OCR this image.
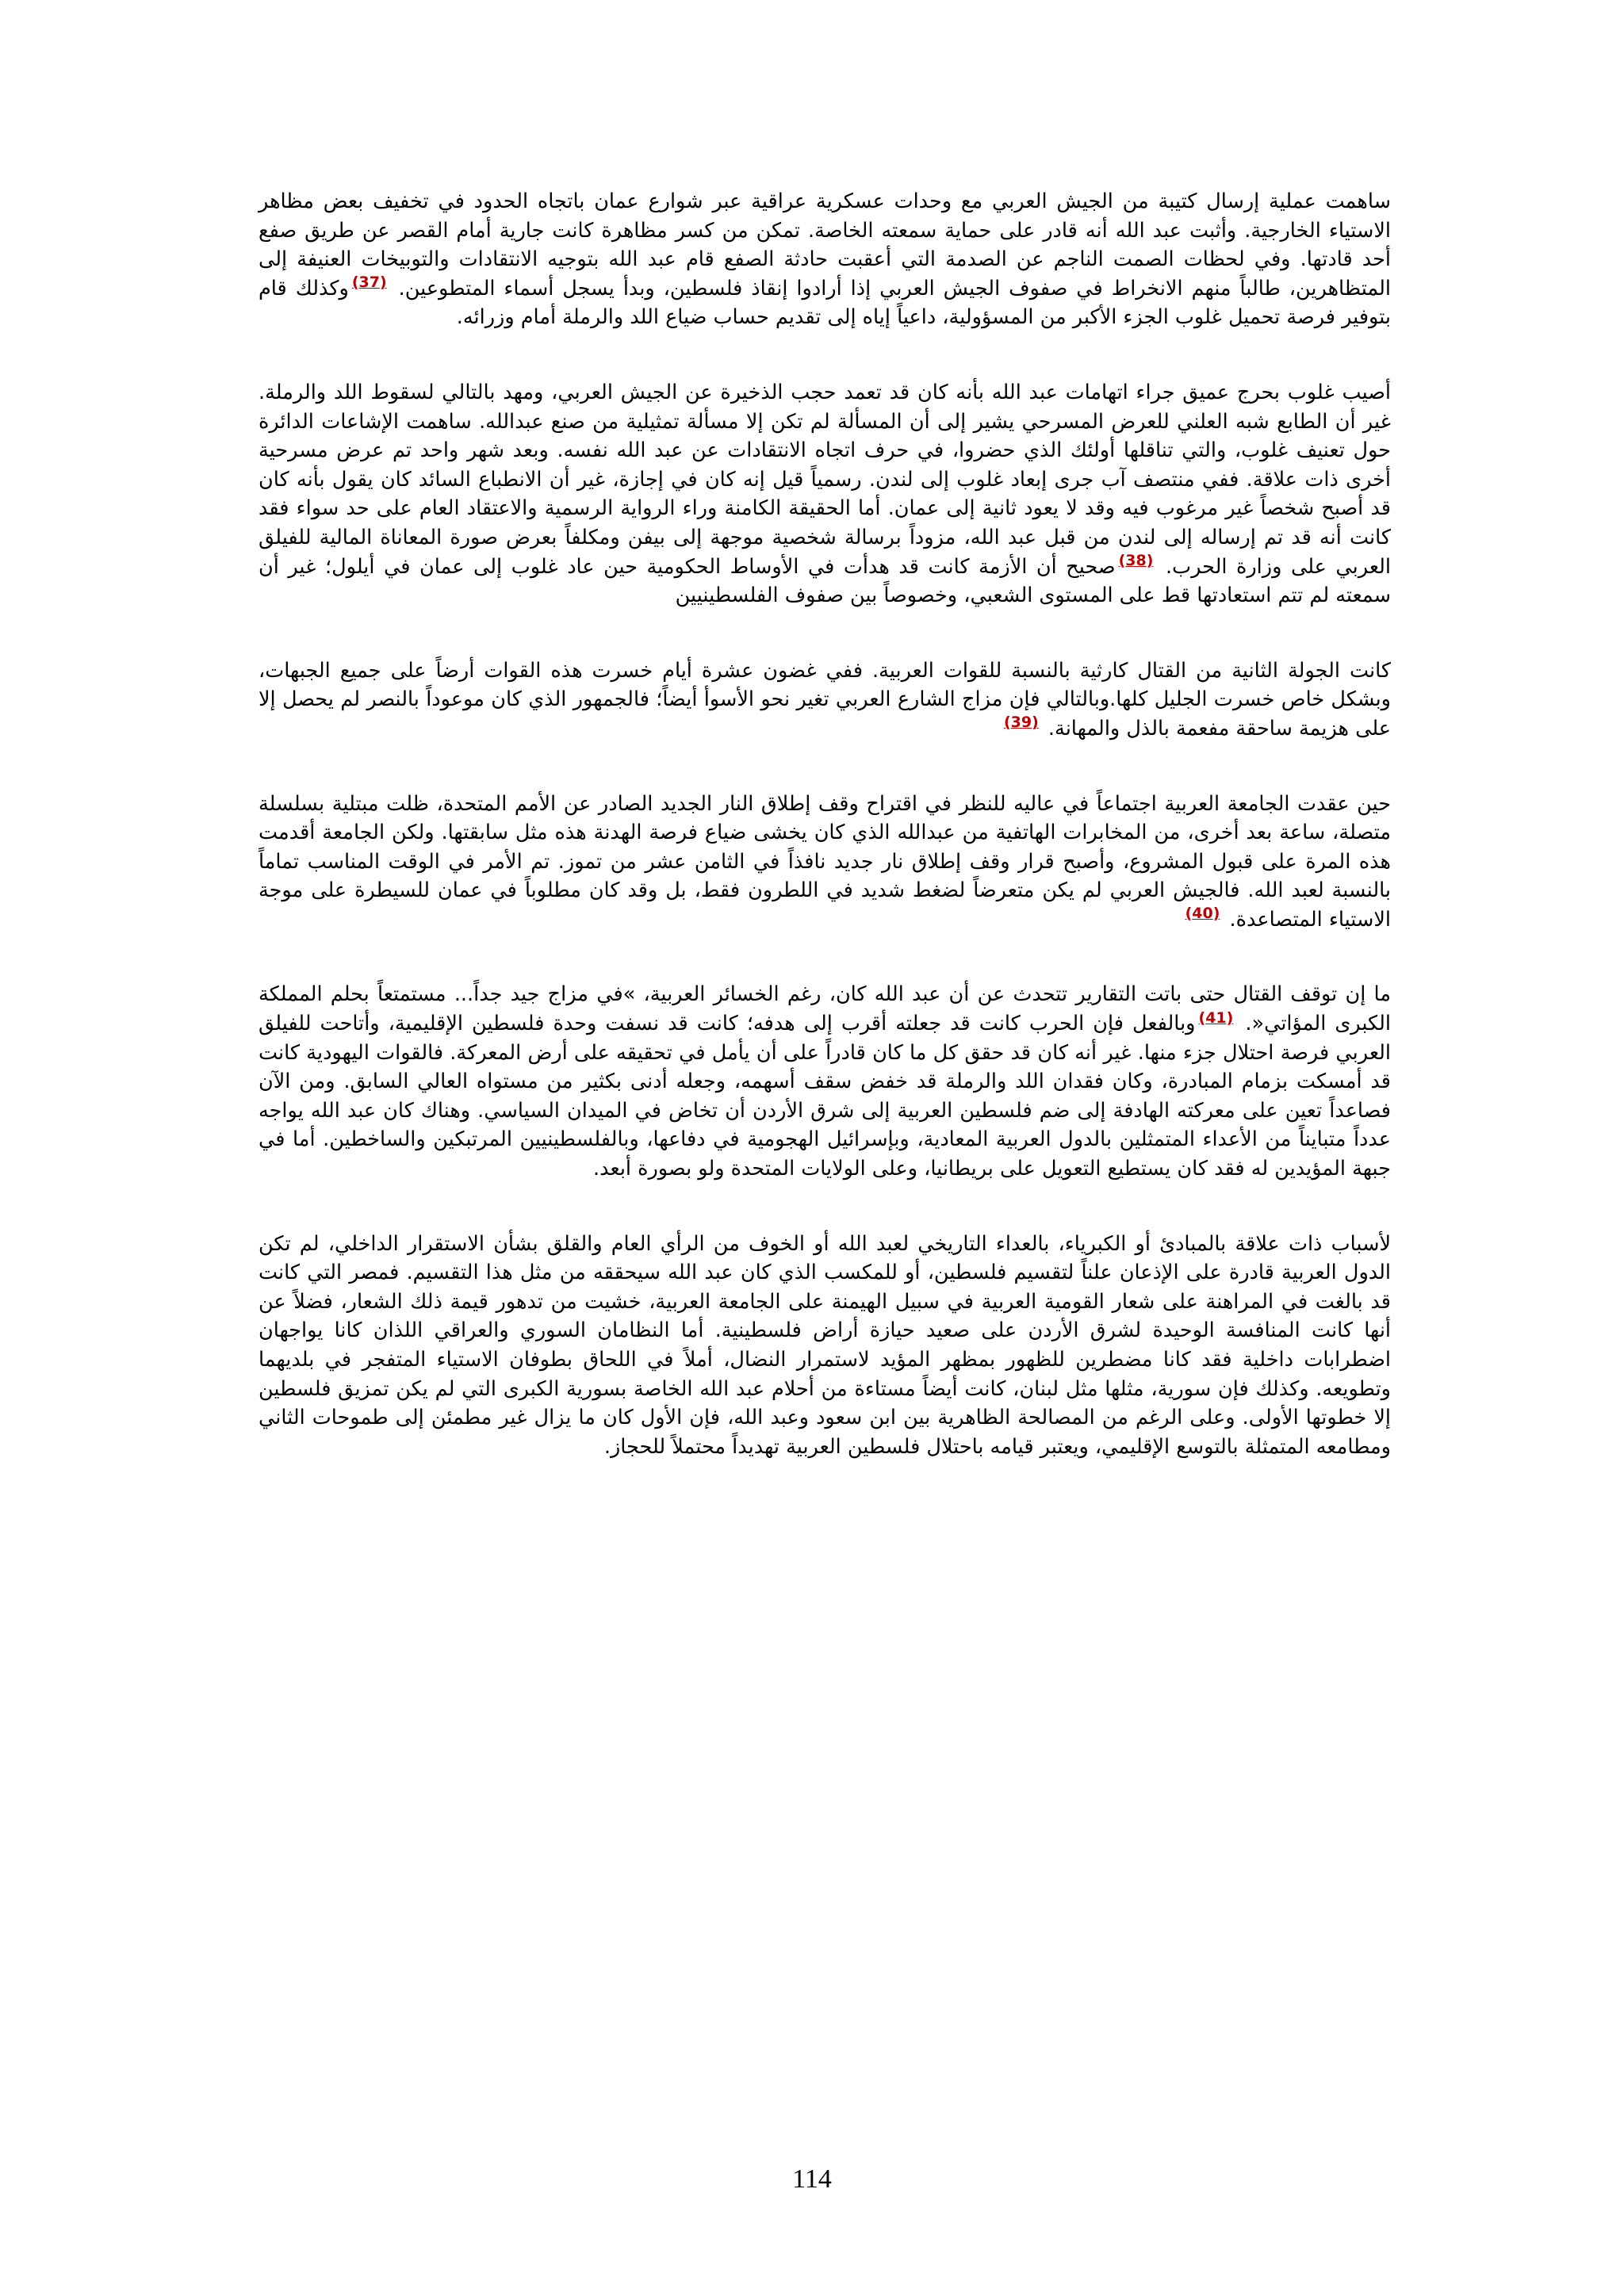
ساهمت عملية إرسال كتيبة من الجيش العربي مع وحدات عسكرية عراقية عبر شوارع عمان باتجاه الحدود في تخفيف بعض مظاهر الاستياء الخارجية. وأثبت عبد الله أنه قادر على حماية سمعته الخاصة. تمكن من كسر مظاهرة كانت جارية أمام القصر عن طريق صفع أحد قادتها. وفي لحظات الصمت الناجم عن الصدمة التي أعقبت حادثة الصفع قام عبد الله بتوجيه الانتقادات والتوبيخات العنيفة إلى المتظاهرين، طالباً منهم الانخراط في صفوف الجيش العربي إذا أرادوا إنقاذ فلسطين، وبدأ يسجل أسماء المتطوعين. $^{(37)}$وكذلك قام بتوفير فرصة تحميل غلوب الجزء الأكبر من المسؤولية، داعياً إياه إلى تقديم حساب ضياع اللد والرملة أمام وزرائه.

أصيب غلوب بحرج عميق جراء اتهامات عبد الله بأنه كان قد تعمد حجب الذخيرة عن الجيش العربي، ومهد بالتالي لسقوط اللد والرملة. غير أن الطابع شبه العلني للعرض المسرحي يشير إلى أن المسألة لم تكن إلا مسألة تمثيلية من صنع عبدالله. ساهمت الإشاعات الدائرة حول تعنيف غلوب، والتي تناقلها أولئك الذي حضروا، في حرف اتجاه الانتقادات عن عبد الله نفسه. وبعد شهر واحد تم عرض مسرحية أخرى ذات علاقة. ففي منتصف آب جرى إبعاد غلوب إلى لندن. رسمياً قيل إنه كان في إجازة، غير أن الانطباع السائد كان يقول بأنه كان قد أصبح شخصاً غير مرغوب فيه وقد لا يعود ثانية إلى عمان. أما الحقيقة الكامنة وراء الرواية الرسمية والاعتقاد العام على حد سواء فقد كانت أنه قد تم إرساله إلى لندن من قبل عبد الله، مزوداً برسالة شخصية موجهة إلى بيفن ومكلفاً بعرض صورة المعاناة المالية للفيلق العربي على وزارة الحرب. $^{(38)}$صحيح أن الأزمة كانت قد هدأت في الأوساط الحكومية حين عاد غلوب إلى عمان في أيلول؛ غير أن سمعته لم تتم استعادتها قط على المستوى الشعبي، وخصوصاً بين صفوف الفلسطينيين

كانت الجولة الثانية من القتال كارثية بالنسبة للقوات العربية. ففي غضون عشرة أيام خسرت هذه القوات أرضاً على جميع الجبهات، وبشكل خاص خسرت الجليل كلها.وبالتالي فإن مزاج الشارع العربي تغير نحو الأسوأ أيضاً؛ فالجمهور الذي كان موعوداً بالنصر لم يحصل إلا على هزيمة ساحقة مفعمة بالذل والمهانة. $^{(39)}$

حين عقدت الجامعة العربية اجتماعاً في عاليه للنظر في اقتراح وقف إطلاق النار الجديد الصادر عن الأمم المتحدة، ظلت مبتلية بسلسلة متصلة، ساعة بعد أخرى، من المخابرات الهاتفية من عبدالله الذي كان يخشى ضياع فرصة الهدنة هذه مثل سابقتها. ولكن الجامعة أقدمت هذه المرة على قبول المشروع، وأصبح قرار وقف إطلاق نار جديد نافذاً في الثامن عشر من تموز. تم الأمر في الوقت المناسب تماماً بالنسبة لعبد الله. فالجيش العربي لم يكن متعرضاً لضغط شديد في اللطرون فقط، بل وقد كان مطلوباً في عمان للسيطرة على موجة الاستياء المتصاعدة. $^{(40)}$

ما إن توقف القتال حتى باتت التقارير تتحدث عن أن عبد الله كان، رغم الخسائر العربية، »في مزاج جيد جداً... مستمتعاً بحلم المملكة الكبرى المؤاتي«. $^{(41)}$وبالفعل فإن الحرب كانت قد جعلته أقرب إلى هدفه؛ كانت قد نسفت وحدة فلسطين الإقليمية، وأتاحت للفيلق العربي فرصة احتلال جزء منها. غير أنه كان قد حقق كل ما كان قادراً على أن يأمل في تحقيقه على أرض المعركة. فالقوات اليهودية كانت قد أمسكت بزمام المبادرة، وكان فقدان اللد والرملة قد خفض سقف أسهمه، وجعله أدنى بكثير من مستواه العالي السابق. ومن الآن فصاعداً تعين على معركته الهادفة إلى ضم فلسطين العربية إلى شرق الأردن أن تخاض في الميدان السياسي. وهناك كان عبد الله يواجه عدداً متبايناً من الأعداء المتمثلين بالدول العربية المعادية، وبإسرائيل الهجومية في دفاعها، وبالفلسطينيين المرتبكين والساخطين. أما في جبهة المؤيدين له فقد كان يستطيع التعويل على بريطانيا، وعلى الولايات المتحدة ولو بصورة أبعد.

لأسباب ذات علاقة بالمبادئ أو الكبرياء، بالعداء التاريخي لعبد الله أو الخوف من الرأي العام والقلق بشأن الاستقرار الداخلي، لم تكن الدول العربية قادرة على الإذعان علناً لتقسيم فلسطين، أو للمكسب الذي كان عبد الله سيحققه من مثل هذا التقسيم. فمصر التي كانت قد بالغت في المراهنة على شعار القومية العربية في سبيل الهيمنة على الجامعة العربية، خشيت من تدهور قيمة ذلك الشعار، فضلاً عن أنها كانت المنافسة الوحيدة لشرق الأردن على صعيد حيازة أراض فلسطينية. أما النظامان السوري والعراقي اللذان كانا يواجهان اضطرابات داخلية فقد كانا مضطرين للظهور بمظهر المؤيد لاستمرار النضال، أملاً في اللحاق بطوفان الاستياء المتفجر في بلديهما وتطويعه. وكذلك فإن سورية، مثلها مثل لبنان، كانت أيضاً مستاءة من أحلام عبد الله الخاصة بسورية الكبرى التي لم يكن تمزيق فلسطين إلا خطوتها الأولى. وعلى الرغم من المصالحة الظاهرية بين ابن سعود وعبد الله، فإن الأول كان ما يزال غير مطمئن إلى طموحات الثاني ومطامعه المتمثلة بالتوسع الإقليمي، ويعتبر قيامه باحتلال فلسطين العربية تهديداً محتملاً للحجاز.

114
